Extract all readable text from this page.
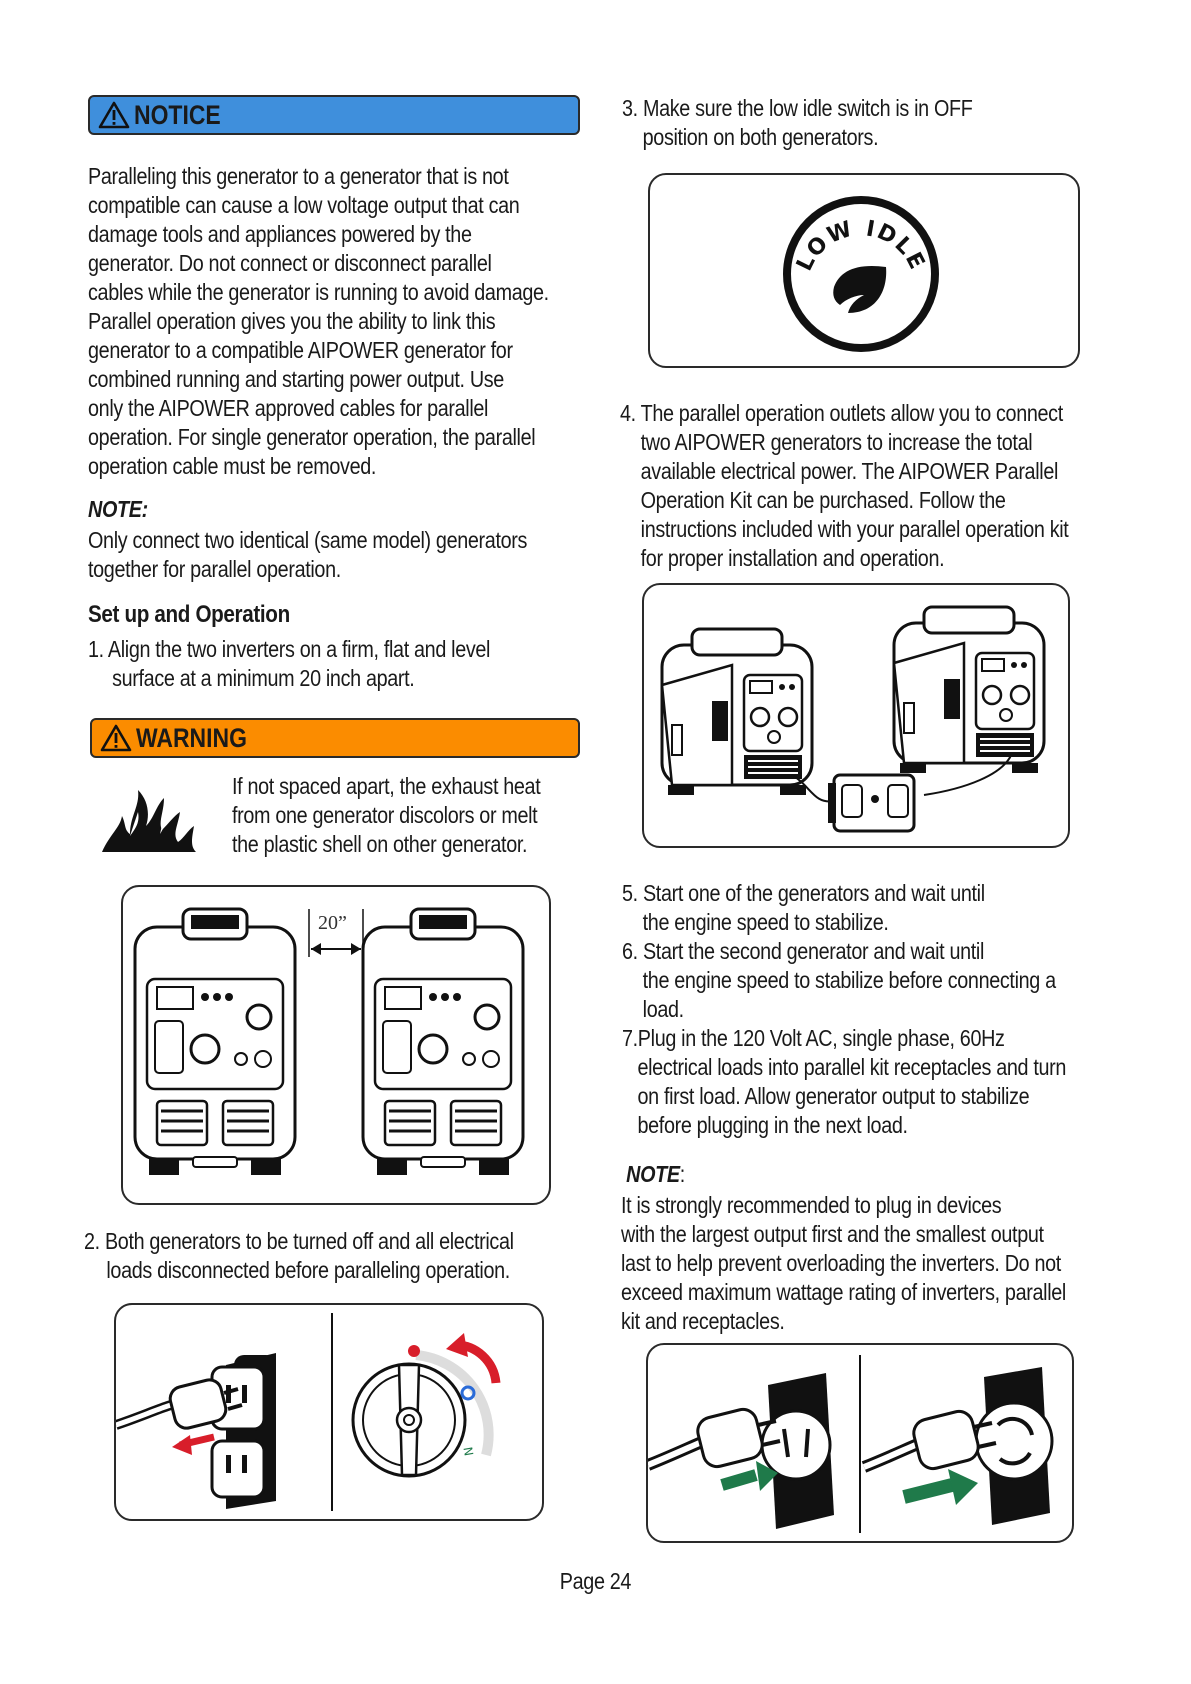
NOTICE

Paralleling this generator to a generator that is not

compatible can cause a low voltage output that can

damage tools and appliances powered by the

generator. Do not connect or disconnect parallel

cables while the generator is running to avoid damage.

Parallel operation gives you the ability to link this

generator to a compatible AIPOWER generator for

combined running and starting power output. Use

only the AIPOWER approved cables for parallel

operation. For single generator operation, the parallel

operation cable must be removed.

NOTE:

Only connect two identical (same model) generators

together for parallel operation.

Set up and Operation

1. Align the two inverters on a firm, flat and level

surface at a minimum 20 inch apart.

WARNING

If not spaced apart, the exhaust heat

from one generator discolors or melt

the plastic shell on other generator.

20”

2. Both generators to be turned off and all electrical

loads disconnected before paralleling operation.

N

3. Make sure the low idle switch is in OFF

position on both generators.

LOW IDLE

4. The parallel operation outlets allow you to connect

two AIPOWER generators to increase the total

available electrical power. The AIPOWER Parallel

Operation Kit can be purchased. Follow the

instructions included with your parallel operation kit

for proper installation and operation.

5. Start one of the generators and wait until

the engine speed to stabilize.

6. Start the second generator and wait until

the engine speed to stabilize before connecting a

load.

7.Plug in the 120 Volt AC, single phase, 60Hz

electrical loads into parallel kit receptacles and turn

on first load. Allow generator output to stabilize

before plugging in the next load.

NOTE:

It is strongly recommended to plug in devices

with the largest output first and the smallest output

last to help prevent overloading the inverters. Do not

exceed maximum wattage rating of inverters, parallel

kit and receptacles.

Page 24
